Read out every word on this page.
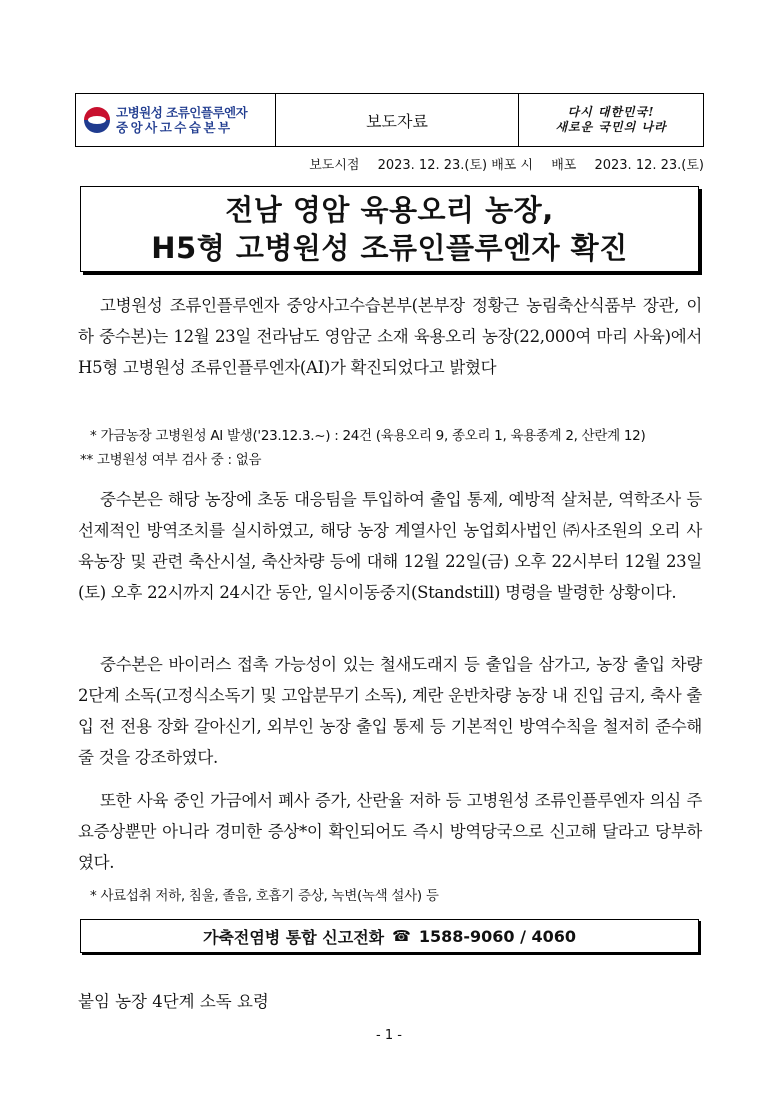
고병원성 조류인플루엔자
중앙사고수습본부	보도자료	다시 대한민국!
새로운 국민의 나라
보도시점 2023. 12. 23.(토) 배포 시 배포 2023. 12. 23.(토)
전남 영암 육용오리 농장,
H5형 고병원성 조류인플루엔자 확진
고병원성 조류인플루엔자 중앙사고수습본부(본부장 정황근 농림축산식품부 장관, 이하 중수본)는 12월 23일 전라남도 영암군 소재 육용오리 농장(22,000여 마리 사육)에서 H5형 고병원성 조류인플루엔자(AI)가 확진되었다고 밝혔다
* 가금농장 고병원성 AI 발생('23.12.3.~) : 24건 (육용오리 9, 종오리 1, 육용종계 2, 산란계 12)
** 고병원성 여부 검사 중 : 없음
중수본은 해당 농장에 초동 대응팀을 투입하여 출입 통제, 예방적 살처분, 역학조사 등 선제적인 방역조치를 실시하였고, 해당 농장 계열사인 농업회사법인 ㈜사조원의 오리 사육농장 및 관련 축산시설, 축산차량 등에 대해 12월 22일(금) 오후 22시부터 12월 23일(토) 오후 22시까지 24시간 동안, 일시이동중지(Standstill) 명령을 발령한 상황이다.
중수본은 바이러스 접촉 가능성이 있는 철새도래지 등 출입을 삼가고, 농장 출입 차량 2단계 소독(고정식소독기 및 고압분무기 소독), 계란 운반차량 농장 내 진입 금지, 축사 출입 전 전용 장화 갈아신기, 외부인 농장 출입 통제 등 기본적인 방역수칙을 철저히 준수해 줄 것을 강조하였다.
또한 사육 중인 가금에서 폐사 증가, 산란율 저하 등 고병원성 조류인플루엔자 의심 주요증상뿐만 아니라 경미한 증상*이 확인되어도 즉시 방역당국으로 신고해 달라고 당부하였다.
* 사료섭취 저하, 침울, 졸음, 호흡기 증상, 녹변(녹색 설사) 등
가축전염병 통합 신고전화 ☎ 1588-9060 / 4060
붙임 농장 4단계 소독 요령
- 1 -
